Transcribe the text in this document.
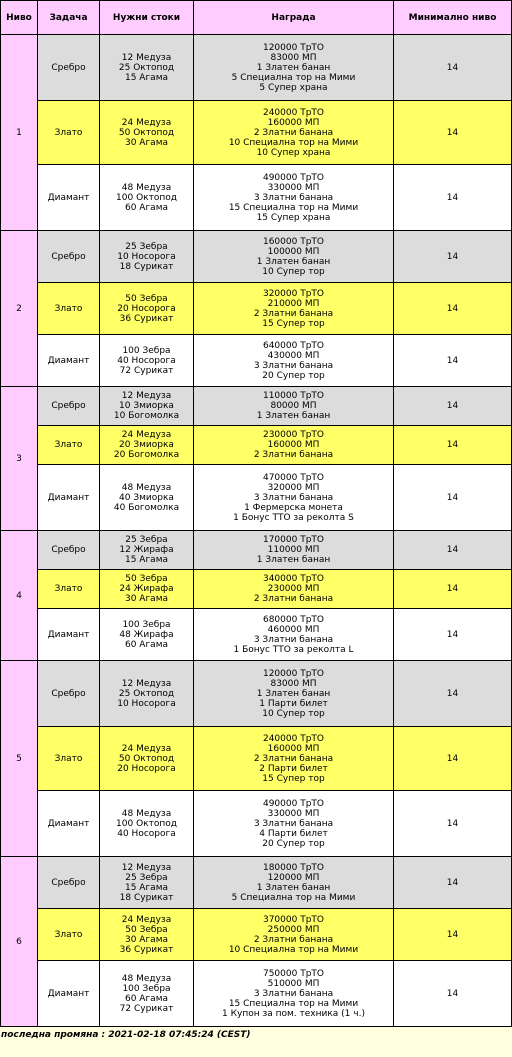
Ниво	Задача	Нужни стоки	Награда	Минимално ниво
1	Сребро	12 Медуза
25 Октопод
15 Агама	120000 ТрТО
83000 МП
1 Златен банан
5 Специална тор на Мими
5 Супер храна	14
	Злато	24 Медуза
50 Октопод
30 Агама	240000 ТрТО
160000 МП
2 Златни банана
10 Специална тор на Мими
10 Супер храна	14
	Диамант	48 Медуза
100 Октопод
60 Агама	490000 ТрТО
330000 МП
3 Златни банана
15 Специална тор на Мими
15 Супер храна	14
2	Сребро	25 Зебра
10 Носорога
18 Сурикат	160000 ТрТО
100000 МП
1 Златен банан
10 Супер тор	14
	Злато	50 Зебра
20 Носорога
36 Сурикат	320000 ТрТО
210000 МП
2 Златни банана
15 Супер тор	14
	Диамант	100 Зебра
40 Носорога
72 Сурикат	640000 ТрТО
430000 МП
3 Златни банана
20 Супер тор	14
3	Сребро	12 Медуза
10 Змиорка
10 Богомолка	110000 ТрТО
80000 МП
1 Златен банан	14
	Злато	24 Медуза
20 Змиорка
20 Богомолка	230000 ТрТО
160000 МП
2 Златни банана	14
	Диамант	48 Медуза
40 Змиорка
40 Богомолка	470000 ТрТО
320000 МП
3 Златни банана
1 Фермерска монета
1 Бонус ТТО за реколта S	14
4	Сребро	25 Зебра
12 Жирафа
15 Агама	170000 ТрТО
110000 МП
1 Златен банан	14
	Злато	50 Зебра
24 Жирафа
30 Агама	340000 ТрТО
230000 МП
2 Златни банана	14
	Диамант	100 Зебра
48 Жирафа
60 Агама	680000 ТрТО
460000 МП
3 Златни банана
1 Бонус ТТО за реколта L	14
5	Сребро	12 Медуза
25 Октопод
10 Носорога	120000 ТрТО
83000 МП
1 Златен банан
1 Парти билет
10 Супер тор	14
	Злато	24 Медуза
50 Октопод
20 Носорога	240000 ТрТО
160000 МП
2 Златни банана
2 Парти билет
15 Супер тор	14
	Диамант	48 Медуза
100 Октопод
40 Носорога	490000 ТрТО
330000 МП
3 Златни банана
4 Парти билет
20 Супер тор	14
6	Сребро	12 Медуза
25 Зебра
15 Агама
18 Сурикат	180000 ТрТО
120000 МП
1 Златен банан
5 Специална тор на Мими	14
	Злато	24 Медуза
50 Зебра
30 Агама
36 Сурикат	370000 ТрТО
250000 МП
2 Златни банана
10 Специална тор на Мими	14
	Диамант	48 Медуза
100 Зебра
60 Агама
72 Сурикат	750000 ТрТО
510000 МП
3 Златни банана
15 Специална тор на Мими
1 Купон за пом. техника (1 ч.)	14
последна промяна : 2021-02-18 07:45:24 (CEST)
